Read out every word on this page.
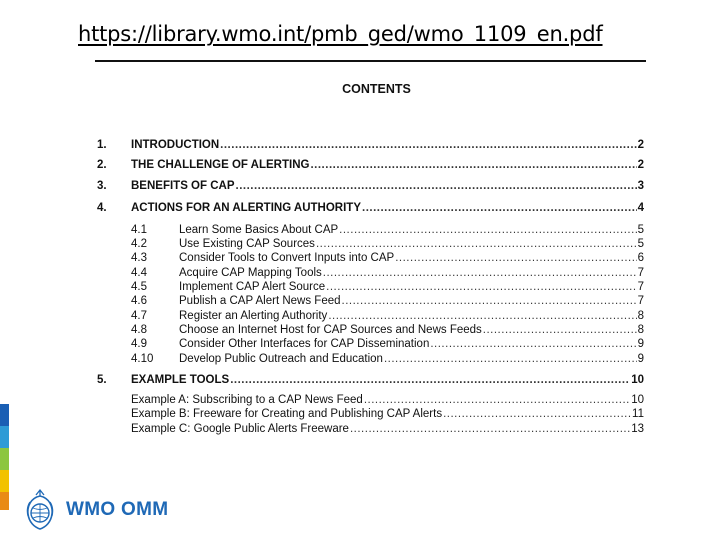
https://library.wmo.int/pmb_ged/wmo_1109_en.pdf
CONTENTS
1. INTRODUCTION .....	2
2. THE CHALLENGE OF ALERTING .....	2
3. BENEFITS OF CAP .....	3
4. ACTIONS FOR AN ALERTING AUTHORITY .....	4
4.1	Learn Some Basics About CAP .....	5
4.2	Use Existing CAP Sources .....	5
4.3	Consider Tools to Convert Inputs into CAP .....	6
4.4	Acquire CAP Mapping Tools .....	7
4.5	Implement CAP Alert Source .....	7
4.6	Publish a CAP Alert News Feed .....	7
4.7	Register an Alerting Authority .....	8
4.8	Choose an Internet Host for CAP Sources and News Feeds .....	8
4.9	Consider Other Interfaces for CAP Dissemination .....	9
4.10 Develop Public Outreach and Education .....	9
5. EXAMPLE TOOLS .....	10
Example A: Subscribing to a CAP News Feed .....	10
Example B: Freeware for Creating and Publishing CAP Alerts .....	11
Example C: Google Public Alerts Freeware .....	13
WMO OMM
